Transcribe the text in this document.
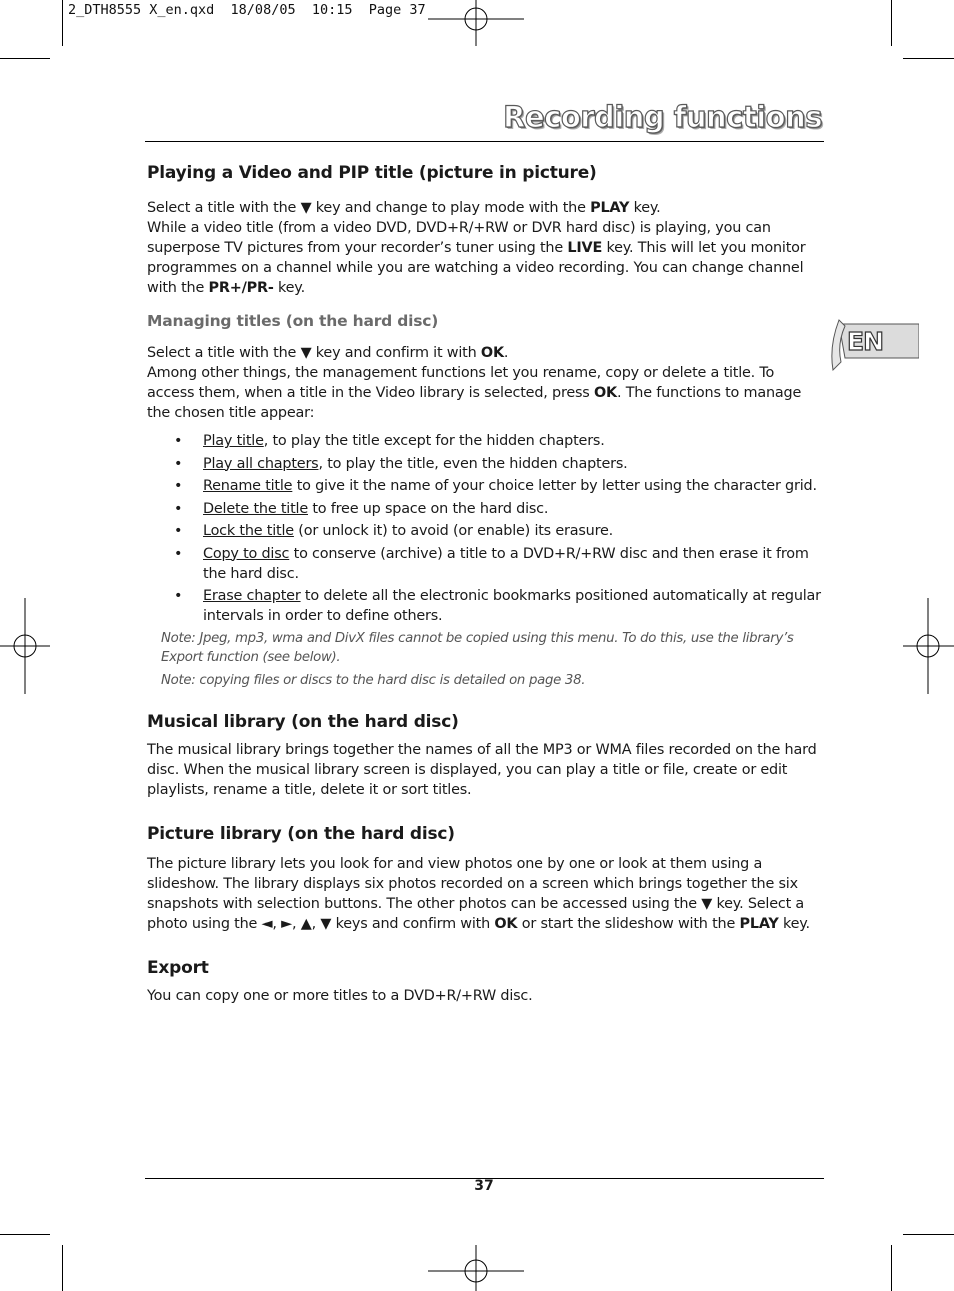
2_DTH8555 X_en.qxd  18/08/05  10:15  Page 37
Recording functions
EN
Playing a Video and PIP title (picture in picture)

Select a title with the ▼ key and change to play mode with the PLAY key.

While a video title (from a video DVD, DVD+R/+RW or DVR hard disc) is playing, you can superpose TV pictures from your recorder’s tuner using the LIVE key. This will let you monitor programmes on a channel while you are watching a video recording. You can change channel with the PR+/PR- key.

Managing titles (on the hard disc)

Select a title with the ▼ key and confirm it with OK.

Among other things, the management functions let you rename, copy or delete a title. To access them, when a title in the Video library is selected, press OK. The functions to manage the chosen title appear:

• Play title, to play the title except for the hidden chapters.
• Play all chapters, to play the title, even the hidden chapters.
• Rename title to give it the name of your choice letter by letter using the character grid.
• Delete the title to free up space on the hard disc.
• Lock the title (or unlock it) to avoid (or enable) its erasure.
• Copy to disc to conserve (archive) a title to a DVD+R/+RW disc and then erase it from the hard disc.
• Erase chapter to delete all the electronic bookmarks positioned automatically at regular intervals in order to define others.

Note: Jpeg, mp3, wma and DivX files cannot be copied using this menu. To do this, use the library’s Export function (see below).

Note: copying files or discs to the hard disc is detailed on page 38.

Musical library (on the hard disc)

The musical library brings together the names of all the MP3 or WMA files recorded on the hard disc. When the musical library screen is displayed, you can play a title or file, create or edit playlists, rename a title, delete it or sort titles.

Picture library (on the hard disc)

The picture library lets you look for and view photos one by one or look at them using a slideshow. The library displays six photos recorded on a screen which brings together the six snapshots with selection buttons. The other photos can be accessed using the ▼ key. Select a photo using the ◄, ►, ▲, ▼ keys and confirm with OK or start the slideshow with the PLAY key.

Export

You can copy one or more titles to a DVD+R/+RW disc.

37
